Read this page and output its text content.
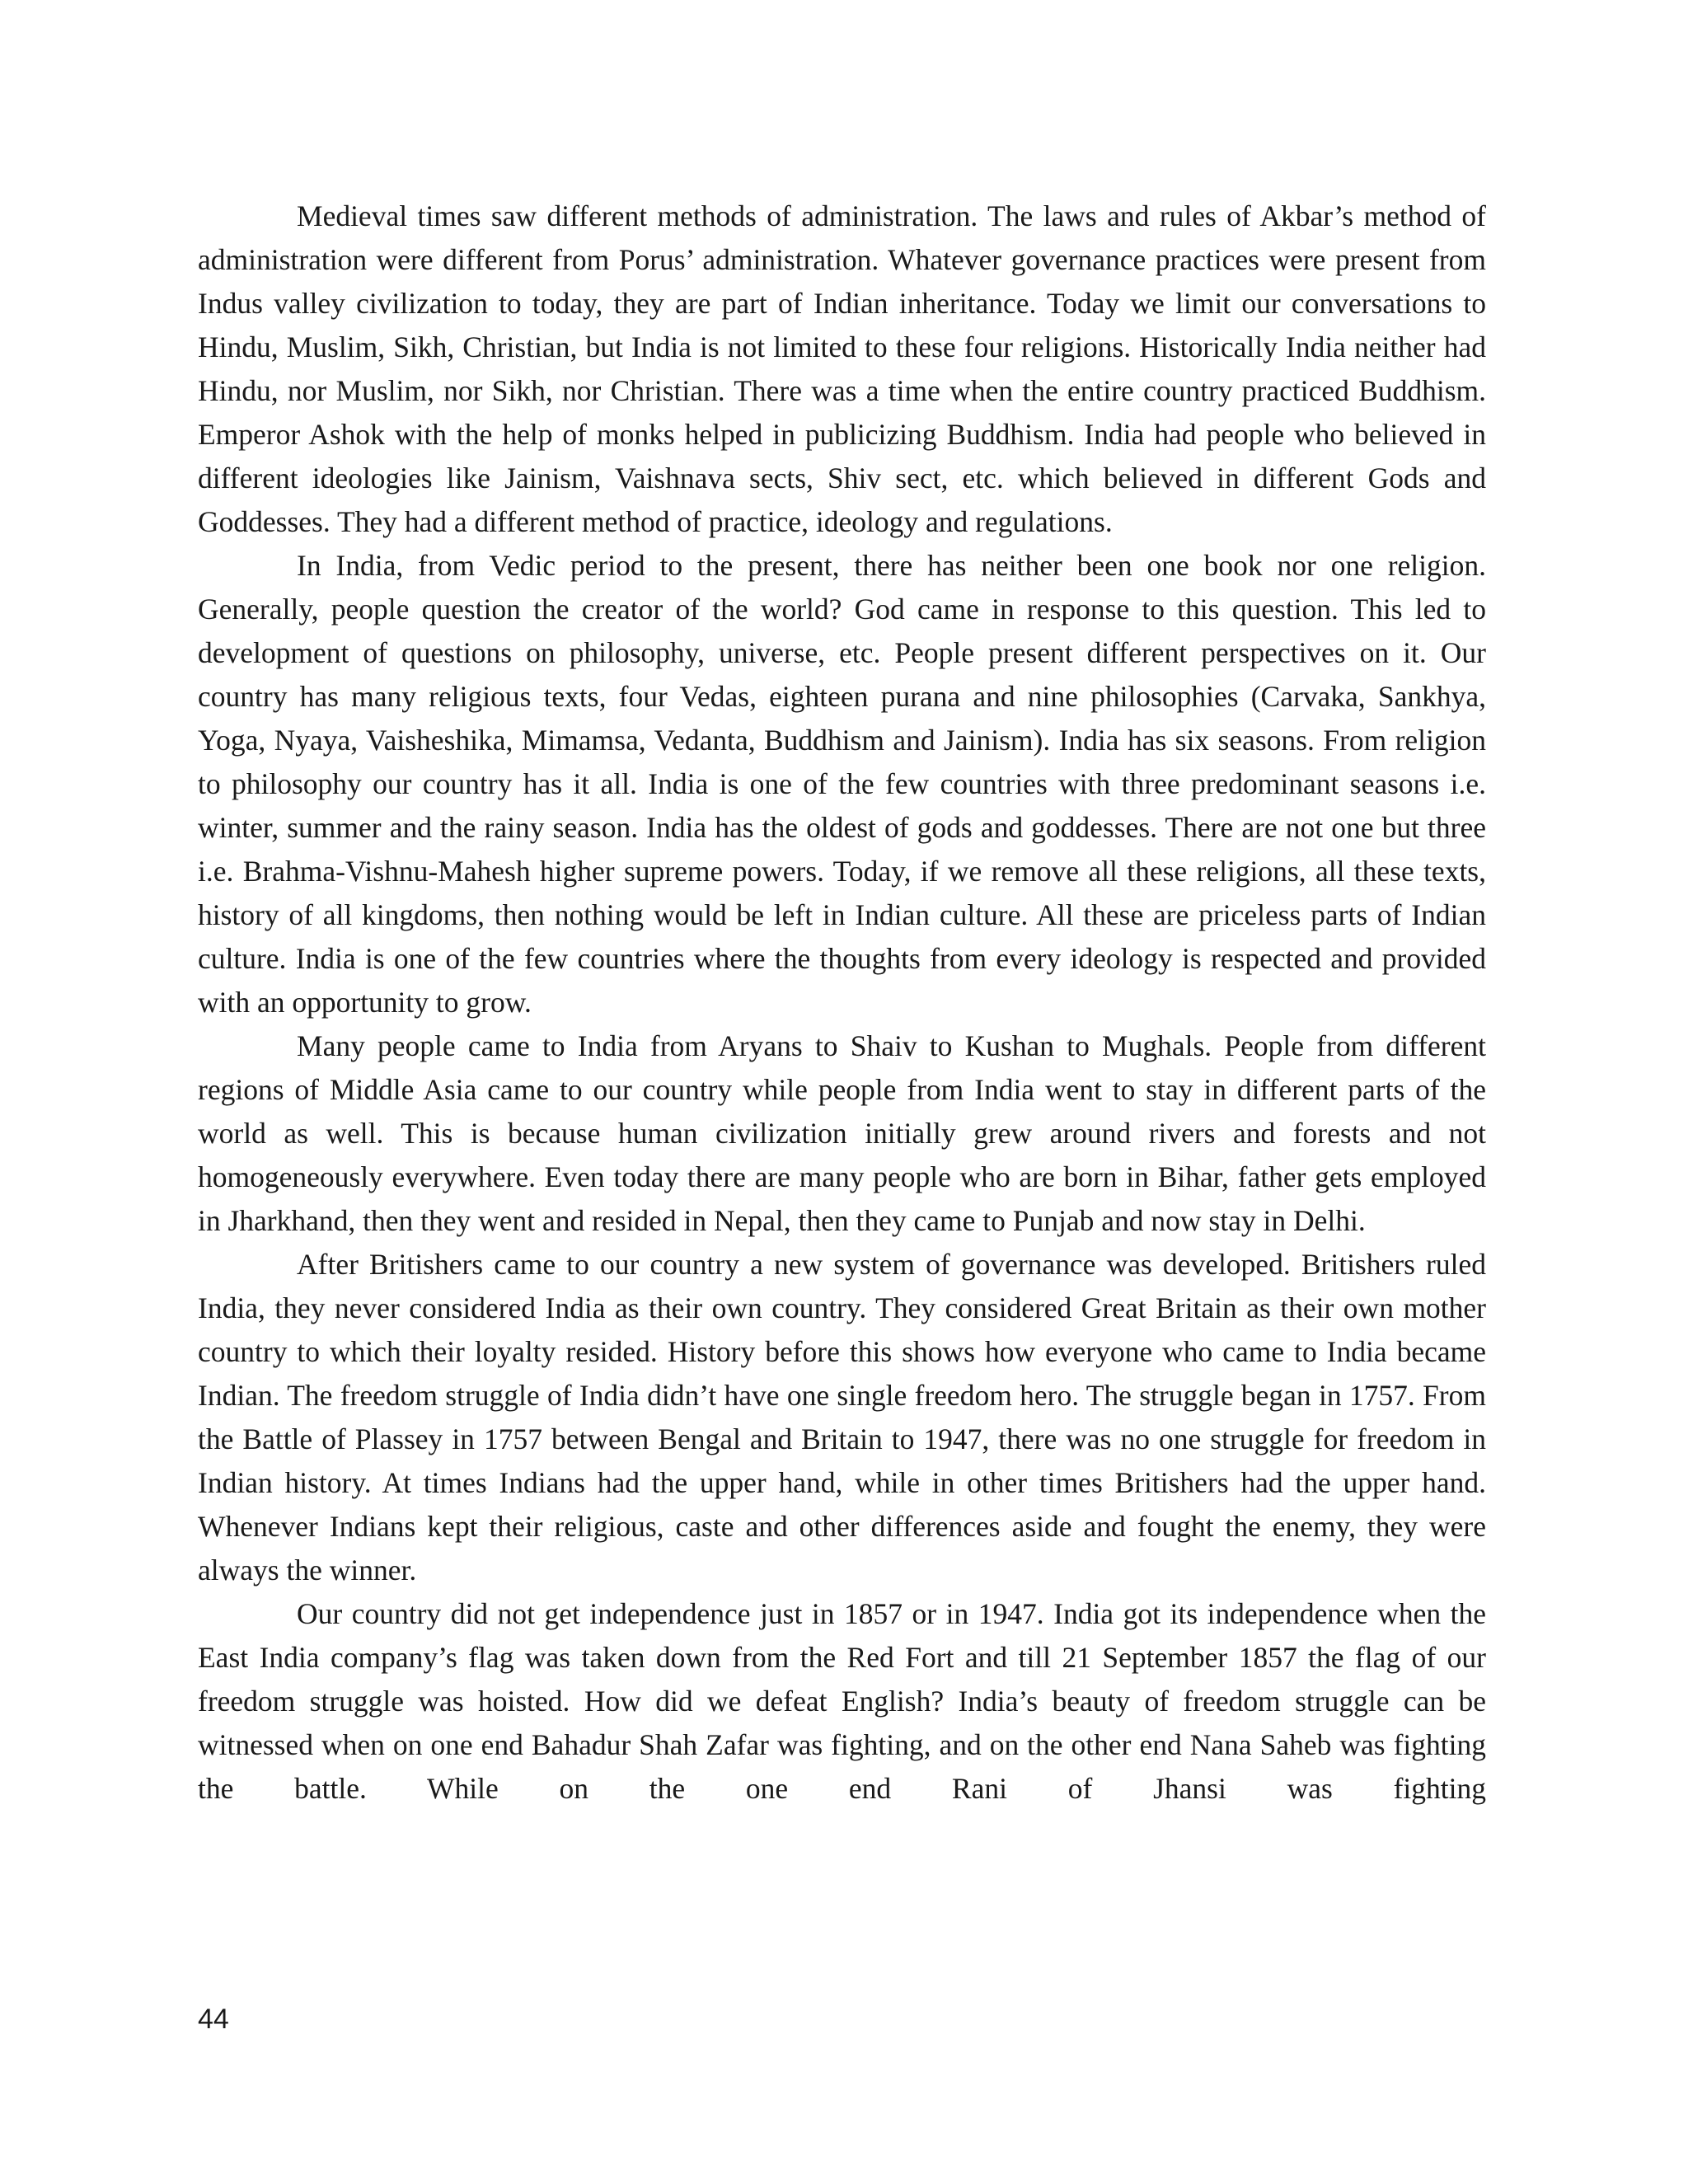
Medieval times saw different methods of administration. The laws and rules of Akbar’s method of administration were different from Porus’ administration. Whatever governance practices were present from Indus valley civilization to today, they are part of Indian inheritance. Today we limit our conversations to Hindu, Muslim, Sikh, Christian, but India is not limited to these four religions. Historically India neither had Hindu, nor Muslim, nor Sikh, nor Christian. There was a time when the entire country practiced Buddhism. Emperor Ashok with the help of monks helped in publicizing Buddhism. India had people who believed in different ideologies like Jainism, Vaishnava sects, Shiv sect, etc. which believed in different Gods and Goddesses. They had a different method of practice, ideology and regulations.

In India, from Vedic period to the present, there has neither been one book nor one religion. Generally, people question the creator of the world? God came in response to this question. This led to development of questions on philosophy, universe, etc. People present different perspectives on it. Our country has many religious texts, four Vedas, eighteen purana and nine philosophies (Carvaka, Sankhya, Yoga, Nyaya, Vaisheshika, Mimamsa, Vedanta, Buddhism and Jainism). India has six seasons. From religion to philosophy our country has it all. India is one of the few countries with three predominant seasons i.e. winter, summer and the rainy season. India has the oldest of gods and goddesses. There are not one but three i.e. Brahma-Vishnu-Mahesh higher supreme powers. Today, if we remove all these religions, all these texts, history of all kingdoms, then nothing would be left in Indian culture. All these are priceless parts of Indian culture. India is one of the few countries where the thoughts from every ideology is respected and provided with an opportunity to grow.

Many people came to India from Aryans to Shaiv to Kushan to Mughals. People from different regions of Middle Asia came to our country while people from India went to stay in different parts of the world as well. This is because human civilization initially grew around rivers and forests and not homogeneously everywhere. Even today there are many people who are born in Bihar, father gets employed in Jharkhand, then they went and resided in Nepal, then they came to Punjab and now stay in Delhi.

After Britishers came to our country a new system of governance was developed. Britishers ruled India, they never considered India as their own country. They considered Great Britain as their own mother country to which their loyalty resided. History before this shows how everyone who came to India became Indian. The freedom struggle of India didn’t have one single freedom hero. The struggle began in 1757. From the Battle of Plassey in 1757 between Bengal and Britain to 1947, there was no one struggle for freedom in Indian history. At times Indians had the upper hand, while in other times Britishers had the upper hand. Whenever Indians kept their religious, caste and other differences aside and fought the enemy, they were always the winner.

Our country did not get independence just in 1857 or in 1947. India got its independence when the East India company’s flag was taken down from the Red Fort and till 21 September 1857 the flag of our freedom struggle was hoisted. How did we defeat English? India’s beauty of freedom struggle can be witnessed when on one end Bahadur Shah Zafar was fighting, and on the other end Nana Saheb was fighting the battle. While on the one end Rani of Jhansi was fighting

44
